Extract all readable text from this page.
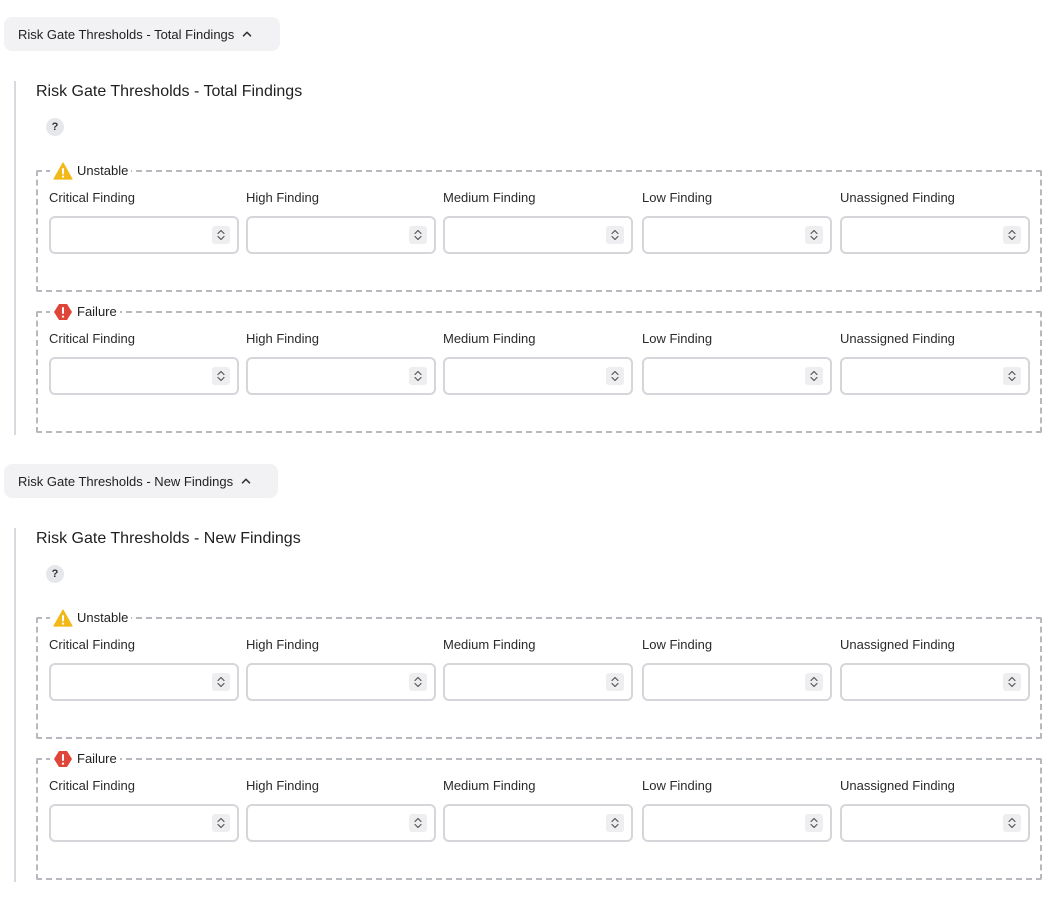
Risk Gate Thresholds - Total Findings
Risk Gate Thresholds - Total Findings
?
Unstable
Critical Finding	High Finding	Medium Finding	Low Finding	Unassigned Finding
Failure
Critical Finding	High Finding	Medium Finding	Low Finding	Unassigned Finding
Risk Gate Thresholds - New Findings
Risk Gate Thresholds - New Findings
?
Unstable
Critical Finding	High Finding	Medium Finding	Low Finding	Unassigned Finding
Failure
Critical Finding	High Finding	Medium Finding	Low Finding	Unassigned Finding
